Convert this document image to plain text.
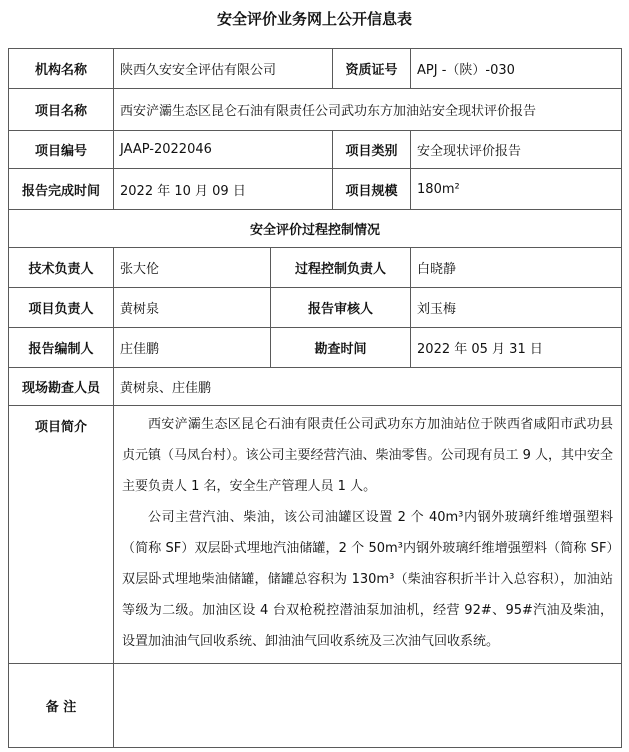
安全评价业务网上公开信息表
机构名称	陕西久安安全评估有限公司		资质证号	APJ -（陕）-030
项目名称	西安浐灞生态区昆仑石油有限责任公司武功东方加油站安全现状评价报告			
项目编号	JAAP-2022046		项目类别	安全现状评价报告
报告完成时间	2022 年 10 月 09 日		项目规模	180m²
安全评价过程控制情况				
技术负责人	张大伦	过程控制负责人		白晓静
项目负责人	黄树泉	报告审核人		刘玉梅
报告编制人	庄佳鹏	勘查时间		2022 年 05 月 31 日
现场勘查人员	黄树泉、庄佳鹏			
项目简介	西安浐灞生态区昆仑石油有限责任公司武功东方加油站位于陕西省咸阳市武功县贞元镇（马凤台村）。该公司主要经营汽油、柴油零售。公司现有员工 9 人，其中安全主要负责人 1 名，安全生产管理人员 1 人。

公司主营汽油、柴油，该公司油罐区设置 2 个 40m³内钢外玻璃纤维增强塑料（简称 SF）双层卧式埋地汽油储罐，2 个 50m³内钢外玻璃纤维增强塑料（简称 SF）双层卧式埋地柴油储罐，储罐总容积为 130m³（柴油容积折半计入总容积），加油站等级为二级。加油区设 4 台双枪税控潜油泵加油机，经营 92#、95#汽油及柴油，设置加油油气回收系统、卸油油气回收系统及三次油气回收系统。			

备 注				
